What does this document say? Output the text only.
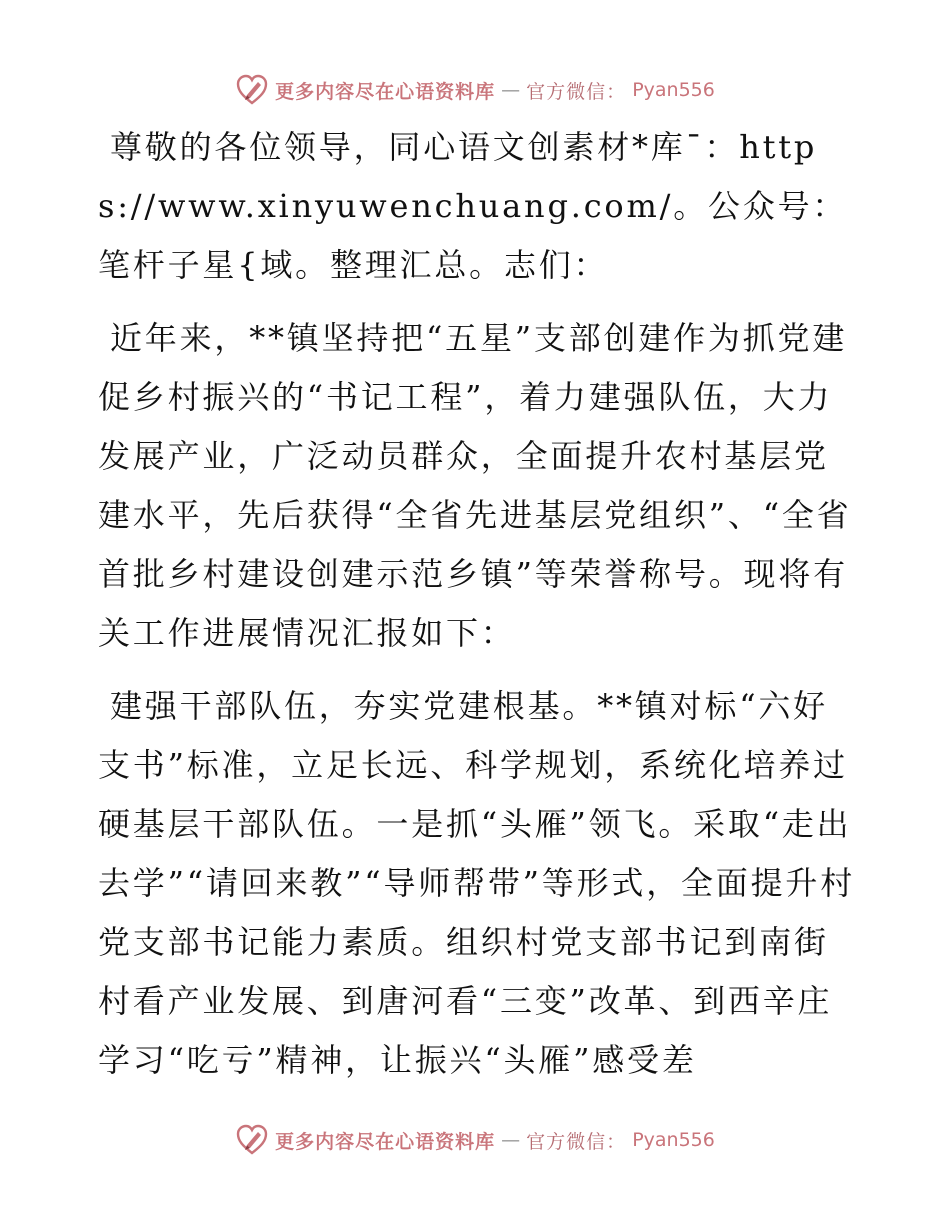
更多内容尽在心语资料库 — 官方微信： Pyan556

尊敬的各位领导，同心语文创素材*库¯：https://www.xinyuwenchuang.com/。公众号：笔杆子星{域。整理汇总。志们：

近年来，**镇坚持把“五星”支部创建作为抓党建促乡村振兴的“书记工程”，着力建强队伍，大力发展产业，广泛动员群众，全面提升农村基层党建水平，先后获得“全省先进基层党组织”、“全省首批乡村建设创建示范乡镇”等荣誉称号。现将有关工作进展情况汇报如下：

建强干部队伍，夯实党建根基。**镇对标“六好支书”标准，立足长远、科学规划，系统化培养过硬基层干部队伍。一是抓“头雁”领飞。采取“走出去学”“请回来教”“导师帮带”等形式，全面提升村党支部书记能力素质。组织村党支部书记到南街村看产业发展、到唐河看“三变”改革、到西辛庄学习“吃亏”精神，让振兴“头雁”感受差

更多内容尽在心语资料库 — 官方微信： Pyan556
